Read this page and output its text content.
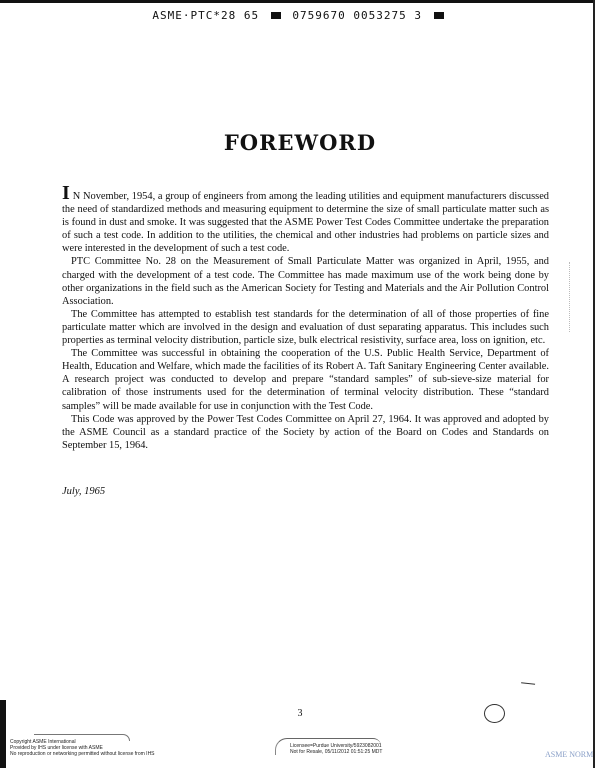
ASME·PTC*28 65	0759670 0053275 3
FOREWORD

I N November, 1954, a group of engineers from among the leading utilities and equipment manufacturers discussed the need of standardized methods and measuring equipment to determine the size of small particulate matter such as is found in dust and smoke. It was suggested that the ASME Power Test Codes Committee undertake the preparation of such a test code. In addition to the utilities, the chemical and other industries had problems on particle sizes and were interested in the development of such a test code.

PTC Committee No. 28 on the Measurement of Small Particulate Matter was organized in April, 1955, and charged with the development of a test code. The Committee has made maximum use of the work being done by other organizations in the field such as the American Society for Testing and Materials and the Air Pollution Control Association.

The Committee has attempted to establish test standards for the determination of all of those properties of fine particulate matter which are involved in the design and evaluation of dust separating apparatus. This includes such properties as terminal velocity distribution, particle size, bulk electrical resistivity, surface area, loss on ignition, etc.

The Committee was successful in obtaining the cooperation of the U.S. Public Health Service, Department of Health, Education and Welfare, which made the facilities of its Robert A. Taft Sanitary Engineering Center available. A research project was conducted to develop and prepare “standard samples” of sub-sieve-size material for calibration of those instruments used for the determination of terminal velocity distribution. These “standard samples” will be made available for use in conjunction with the Test Code.

This Code was approved by the Power Test Codes Committee on April 27, 1964. It was approved and adopted by the ASME Council as a standard practice of the Society by action of the Board on Codes and Standards on September 15, 1964.

July, 1965
3
Copyright ASME International
Provided by IHS under license with ASME
No reproduction or networking permitted without license from IHS
Licensee=Purdue University/5923082001
Not for Resale, 05/11/2012 01:51:25 MDT	ASME NORM
